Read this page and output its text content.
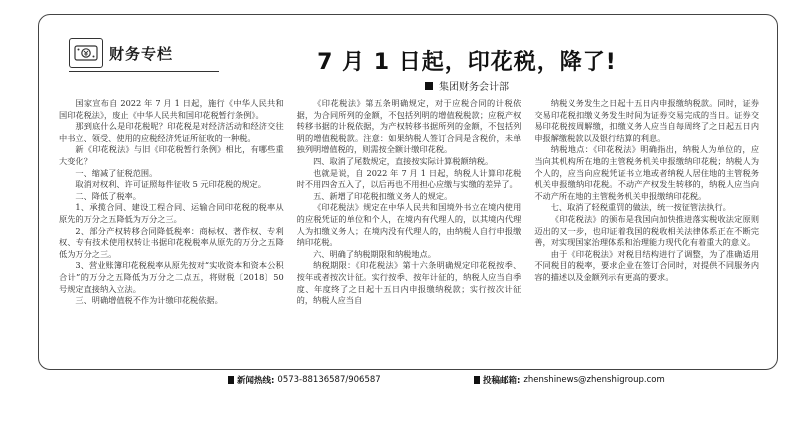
财务专栏	7 月 1 日起，印花税，降了!
集团财务会计部

国家宣布自 2022 年 7 月 1 日起，施行《中华人民共和国印花税法》，废止《中华人民共和国印花税暂行条例》。

那到底什么是印花税呢？印花税是对经济活动和经济交往中书立、领受、使用的应税经济凭证所征收的一种税。

新《印花税法》与旧《印花税暂行条例》相比，有哪些重大变化？

一、缩减了征税范围。

取消对权利、许可证照每件征收 5 元印花税的规定。

二、降低了税率。

1、承揽合同、建设工程合同、运输合同印花税的税率从原先的万分之五降低为万分之三。

2、部分产权转移合同降低税率：商标权、著作权、专利权、专有技术使用权转让书据印花税税率从原先的万分之五降低为万分之三。

3、营业账簿印花税税率从原先按对“实收资本和资本公积合计”的万分之五降低为万分之二点五，将财税〔2018〕50 号规定直接纳入立法。

三、明确增值税不作为计缴印花税依据。

《印花税法》第五条明确规定，对于应税合同的计税依据，为合同所列的金额，不包括列明的增值税税款；应税产权转移书据的计税依据，为产权转移书据所列的金额，不包括列明的增值税税款。注意：如果纳税人签订合同是含税价，未单独列明增值税的，则需按全额计缴印花税。

四、取消了尾数规定，直接按实际计算税额纳税。

也就是说，自 2022 年 7 月 1 日起，纳税人计算印花税时不用四舍五入了，以后再也不用担心应缴与实缴的差异了。

五、新增了印花税扣缴义务人的规定。

《印花税法》规定在中华人民共和国境外书立在境内使用的应税凭证的单位和个人，在境内有代理人的，以其境内代理人为扣缴义务人；在境内没有代理人的，由纳税人自行申报缴纳印花税。

六、明确了纳税期限和纳税地点。

纳税期限：《印花税法》第十六条明确规定印花税按季、按年或者按次计征。实行按季、按年计征的，纳税人应当自季度、年度终了之日起十五日内申报缴纳税款；实行按次计征的，纳税人应当自

纳税义务发生之日起十五日内申报缴纳税款。同时，证券交易印花税扣缴义务发生时间为证券交易完成的当日。证券交易印花税按周解缴，扣缴义务人应当自每周终了之日起五日内申报解缴税款以及银行结算的利息。

纳税地点：《印花税法》明确指出，纳税人为单位的，应当向其机构所在地的主管税务机关申报缴纳印花税；纳税人为个人的，应当向应税凭证书立地或者纳税人居住地的主管税务机关申报缴纳印花税。不动产产权发生转移的，纳税人应当向不动产所在地的主管税务机关申报缴纳印花税。

七、取消了轻税重罚的做法，统一按征管法执行。

《印花税法》的颁布是我国向加快推进落实税收法定原则迈出的又一步，也印证着我国的税收相关法律体系正在不断完善，对实现国家治理体系和治理能力现代化有着重大的意义。

由于《印花税法》对税目结构进行了调整，为了准确适用不同税目的税率，要求企业在签订合同时，对提供不同服务内容的描述以及金额列示有更高的要求。

新闻热线: 0573-88136587/906587	投稿邮箱: zhenshinews@zhenshigroup.com
